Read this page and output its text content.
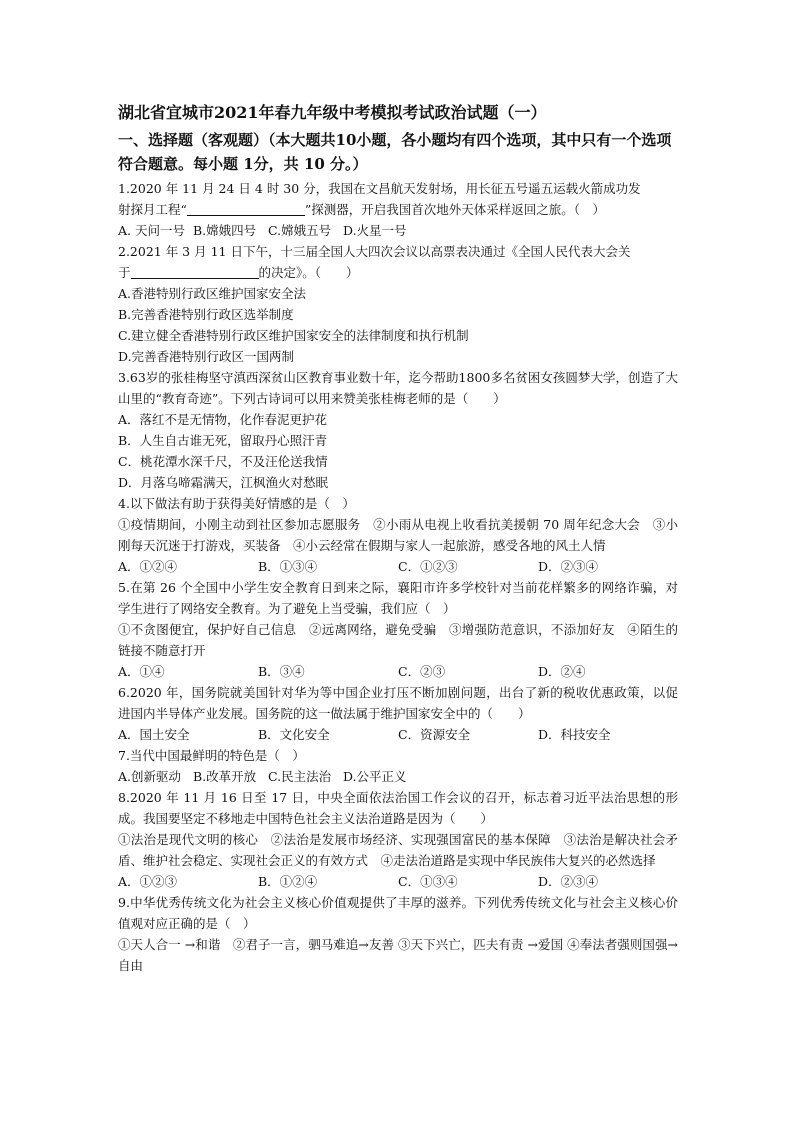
湖北省宜城市2021年春九年级中考模拟考试政治试题（一）
一、选择题（客观题）（本大题共10小题，各小题均有四个选项，其中只有一个选项符合题意。每小题 1分，共 10 分。）
1.2020 年 11 月 24 日 4 时 30 分，我国在文昌航天发射场，用长征五号遥五运载火箭成功发
射探月工程“	”探测器，开启我国首次地外天体采样返回之旅。（　）
A. 天问一号 B.嫦娥四号 C.嫦娥五号 D.火星一号
2.2021 年 3 月 11 日下午，十三届全国人大四次会议以高票表决通过《全国人民代表大会关
于	的决定》。（　　）
A.香港特别行政区维护国家安全法
B.完善香港特别行政区选举制度
C.建立健全香港特别行政区维护国家安全的法律制度和执行机制
D.完善香港特别行政区一国两制
3.63岁的张桂梅坚守滇西深贫山区教育事业数十年，迄今帮助1800多名贫困女孩圆梦大学，创造了大山里的“教育奇迹”。下列古诗词可以用来赞美张桂梅老师的是（　　）
A．落红不是无情物，化作春泥更护花
B．人生自古谁无死，留取丹心照汗青
C．桃花潭水深千尺，不及汪伦送我情
D．月落乌啼霜满天，江枫渔火对愁眠
4.以下做法有助于获得美好情感的是（　）
①疫情期间，小刚主动到社区参加志愿服务　②小雨从电视上收看抗美援朝 70 周年纪念大会　③小刚每天沉迷于打游戏，买装备　④小云经常在假期与家人一起旅游，感受各地的风土人情
A．①②④	B．①③④	C．①②③	D．②③④
5.在第 26 个全国中小学生安全教育日到来之际，襄阳市许多学校针对当前花样繁多的网络诈骗，对学生进行了网络安全教育。为了避免上当受骗，我们应（　）
①不贪图便宜，保护好自己信息　②远离网络，避免受骗　③增强防范意识，不添加好友　④陌生的链接不随意打开
A．①④	B．③④	C．②③	D．②④
6.2020 年，国务院就美国针对华为等中国企业打压不断加剧问题，出台了新的税收优惠政策，以促进国内半导体产业发展。国务院的这一做法属于维护国家安全中的（　　）
A．国土安全	B．文化安全	C．资源安全	D．科技安全
7.当代中国最鲜明的特色是（　）
A.创新驱动 B.改革开放 C.民主法治 D.公平正义
8.2020 年 11 月 16 日至 17 日，中央全面依法治国工作会议的召开，标志着习近平法治思想的形成。我国要坚定不移地走中国特色社会主义法治道路是因为（　　）
①法治是现代文明的核心　②法治是发展市场经济、实现强国富民的基本保障　③法治是解决社会矛盾、维护社会稳定、实现社会正义的有效方式　④走法治道路是实现中华民族伟大复兴的必然选择
A．①②③	B．①②④	C．①③④	D．②③④
9.中华优秀传统文化为社会主义核心价值观提供了丰厚的滋养。下列优秀传统文化与社会主义核心价值观对应正确的是（　）
①天人合一 →和谐　②君子一言，驷马难追→友善 ③天下兴亡，匹夫有责 →爱国 ④奉法者强则国强→自由
